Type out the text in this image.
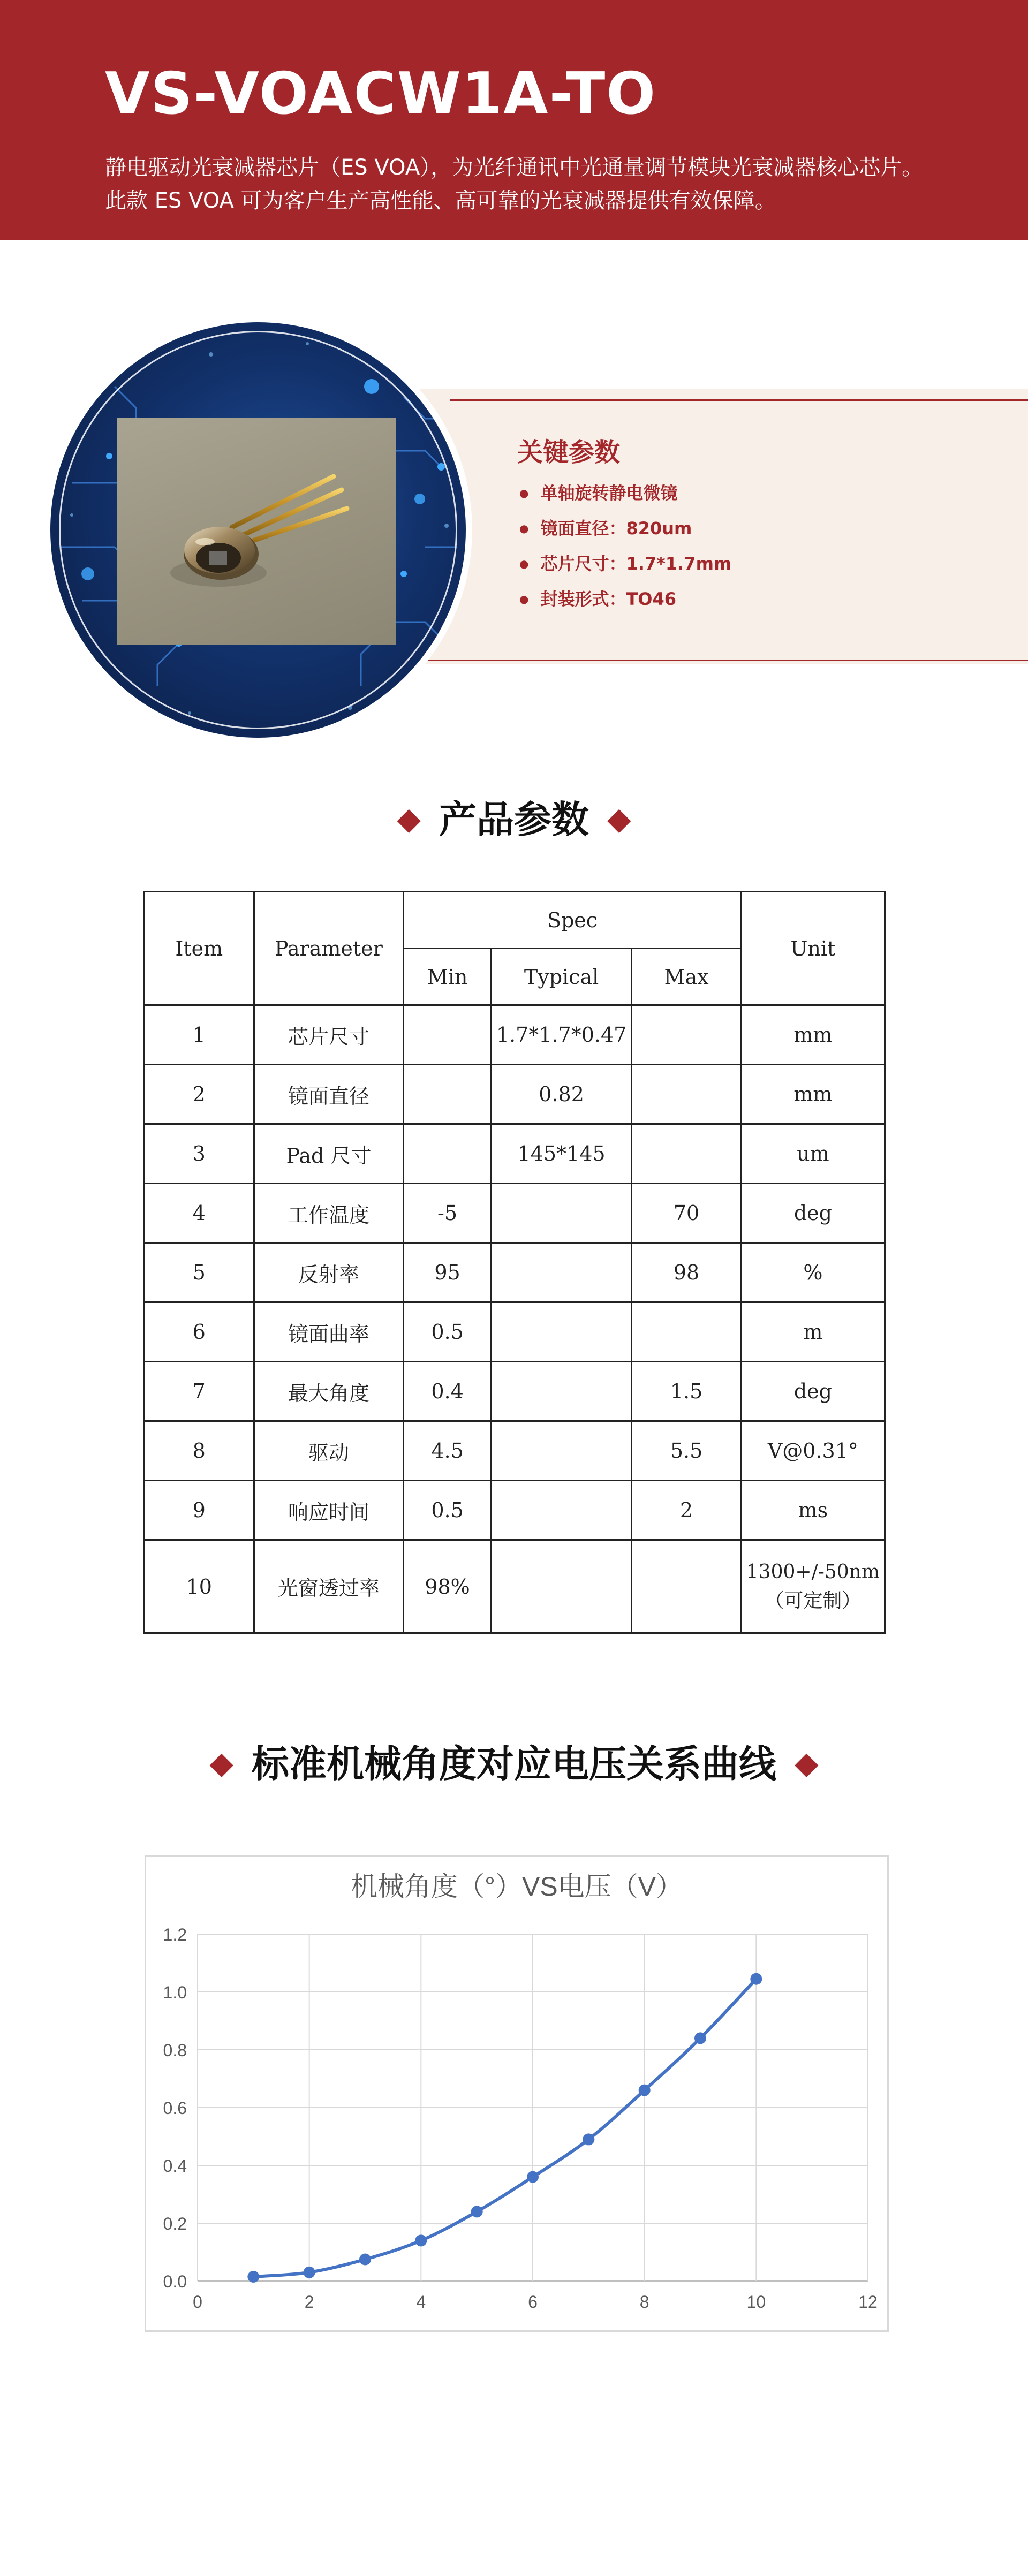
VS-VOACW1A-TO
静电驱动光衰减器芯片（ES VOA），为光纤通讯中光通量调节模块光衰减器核心芯片。此款 ES VOA 可为客户生产高性能、高可靠的光衰减器提供有效保障。
关键参数
● 单轴旋转静电微镜
● 镜面直径：820um
● 芯片尺寸：1.7*1.7mm
● 封装形式：TO46
◆ 产品参数 ◆
Item	Parameter	Spec			Unit
		Min	Typical	Max	
1	芯片尺寸		1.7*1.7*0.47		mm
2	镜面直径		0.82		mm
3	Pad 尺寸		145*145		um
4	工作温度	-5		70	deg
5	反射率	95		98	%
6	镜面曲率	0.5			m
7	最大角度	0.4		1.5	deg
8	驱动	4.5		5.5	V@0.31°
9	响应时间	0.5		2	ms
10	光窗透过率	98%			1300+/-50nm（可定制）
◆ 标准机械角度对应电压关系曲线 ◆
机械角度（°）VS电压（V）
0.0
0.2
0.4
0.6
0.8
1.0
1.2
0	2	4	6	8	10	12
